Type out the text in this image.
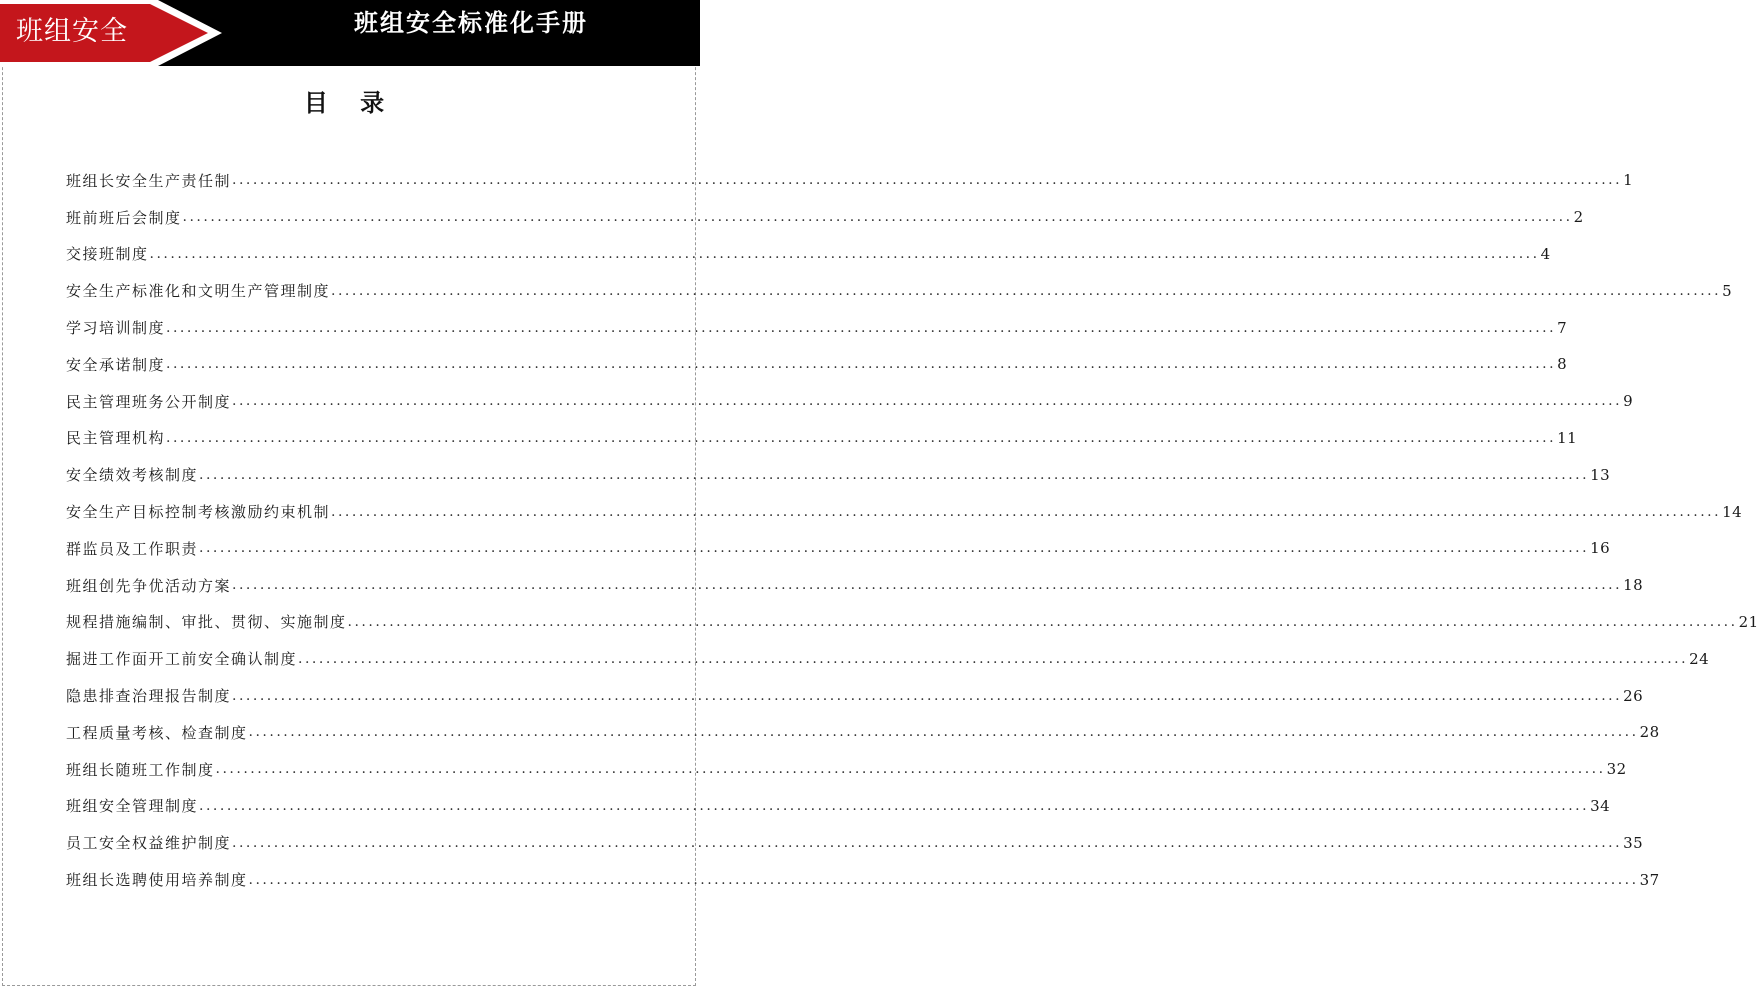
班组安全	班组安全标准化手册
目 录
班组长安全生产责任制 ........................................................................................................................................................................................................ 1
班前班后会制度 ........................................................................................................................................................................................................ 2
交接班制度 ........................................................................................................................................................................................................ 4
安全生产标准化和文明生产管理制度 ........................................................................................................................................................................................................ 5
学习培训制度 ........................................................................................................................................................................................................ 7
安全承诺制度 ........................................................................................................................................................................................................ 8
民主管理班务公开制度 ........................................................................................................................................................................................................ 9
民主管理机构 ........................................................................................................................................................................................................ 11
安全绩效考核制度 ........................................................................................................................................................................................................ 13
安全生产目标控制考核激励约束机制 ........................................................................................................................................................................................................ 14
群监员及工作职责 ........................................................................................................................................................................................................ 16
班组创先争优活动方案 ........................................................................................................................................................................................................ 18
规程措施编制、审批、贯彻、实施制度 ........................................................................................................................................................................................................ 21
掘进工作面开工前安全确认制度 ........................................................................................................................................................................................................ 24
隐患排查治理报告制度 ........................................................................................................................................................................................................ 26
工程质量考核、检查制度 ........................................................................................................................................................................................................ 28
班组长随班工作制度 ........................................................................................................................................................................................................ 32
班组安全管理制度 ........................................................................................................................................................................................................ 34
员工安全权益维护制度 ........................................................................................................................................................................................................ 35
班组长选聘使用培养制度 ........................................................................................................................................................................................................ 37
